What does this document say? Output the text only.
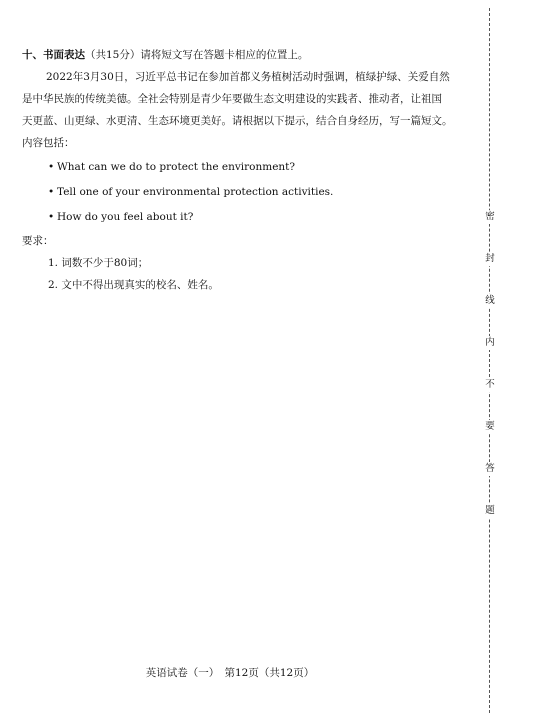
十、书面表达（共15分）请将短文写在答题卡相应的位置上。
2022年3月30日，习近平总书记在参加首都义务植树活动时强调，植绿护绿、关爱自然
是中华民族的传统美德。全社会特别是青少年要做生态文明建设的实践者、推动者，让祖国
天更蓝、山更绿、水更清、生态环境更美好。请根据以下提示，结合自身经历，写一篇短文。
内容包括：
• What can we do to protect the environment?
• Tell one of your environmental protection activities.
• How do you feel about it?
要求：
1. 词数不少于80词；
2. 文中不得出现真实的校名、姓名。
英语试卷（一）　第12页（共12页）
密
封
线
内
不
要
答
题
